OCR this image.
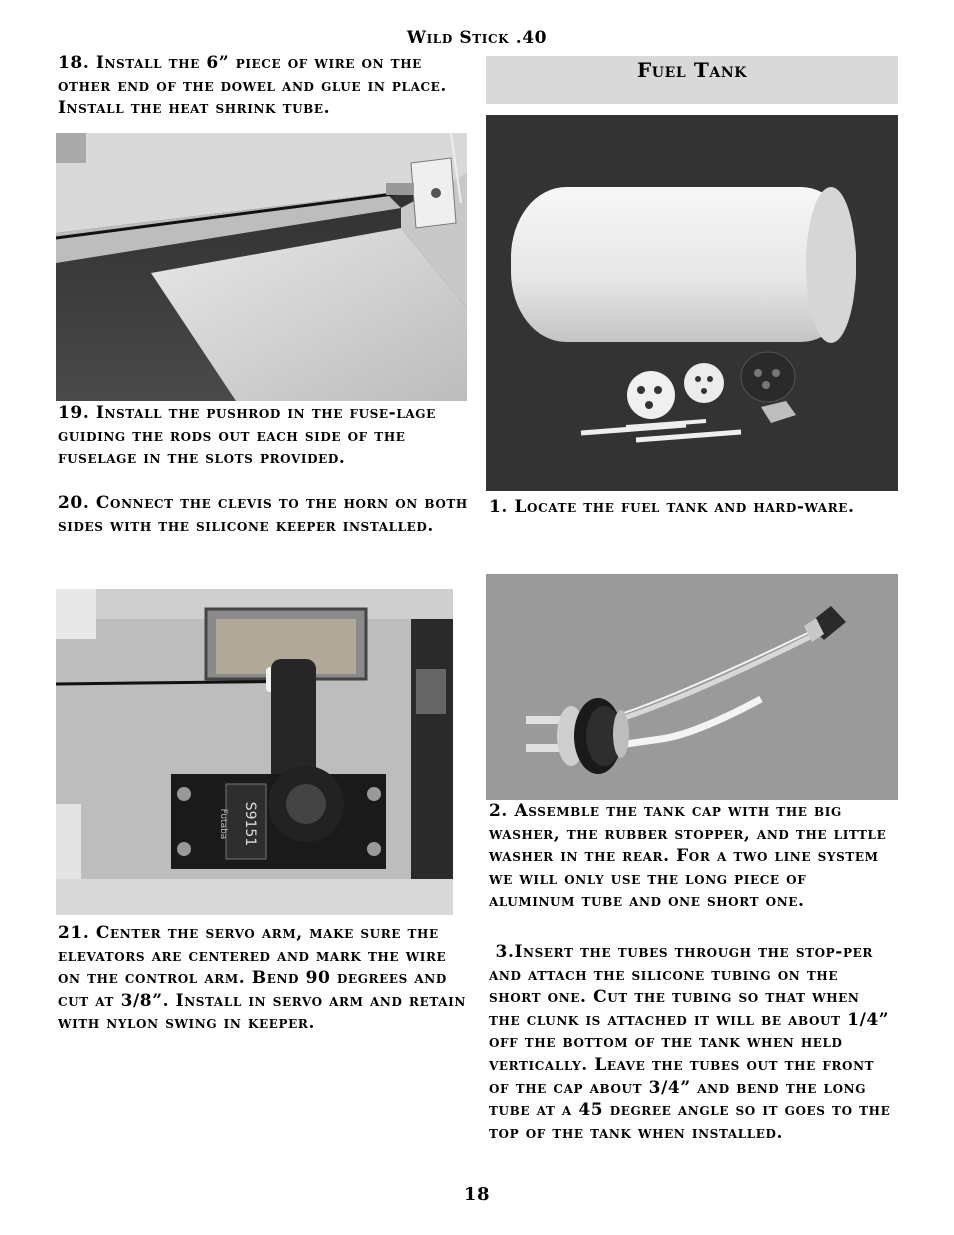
Wild Stick .40

18. Install the 6” piece of wire on the other end of the dowel and glue in place. Install the heat shrink tube.

19. Install the pushrod in the fuse-lage guiding the rods out each side of the fuselage in the slots provided.

20. Connect the clevis to the horn on both sides with the silicone keeper installed.

S9151
Futaba

21. Center the servo arm, make sure the elevators are centered and mark the wire on the control arm. Bend 90 degrees and cut at 3/8”. Install in servo arm and retain with nylon swing in keeper.

Fuel Tank

1. Locate the fuel tank and hard-ware.

2. Assemble the tank cap with the big washer, the rubber stopper, and the little washer in the rear. For a two line system we will only use the long piece of aluminum tube and one short one.

3.Insert the tubes through the stop-per and attach the silicone tubing on the short one. Cut the tubing so that when the clunk is attached it will be about 1/4” off the bottom of the tank when held vertically. Leave the tubes out the front of the cap about 3/4” and bend the long tube at a 45 degree angle so it goes to the top of the tank when installed.

18
